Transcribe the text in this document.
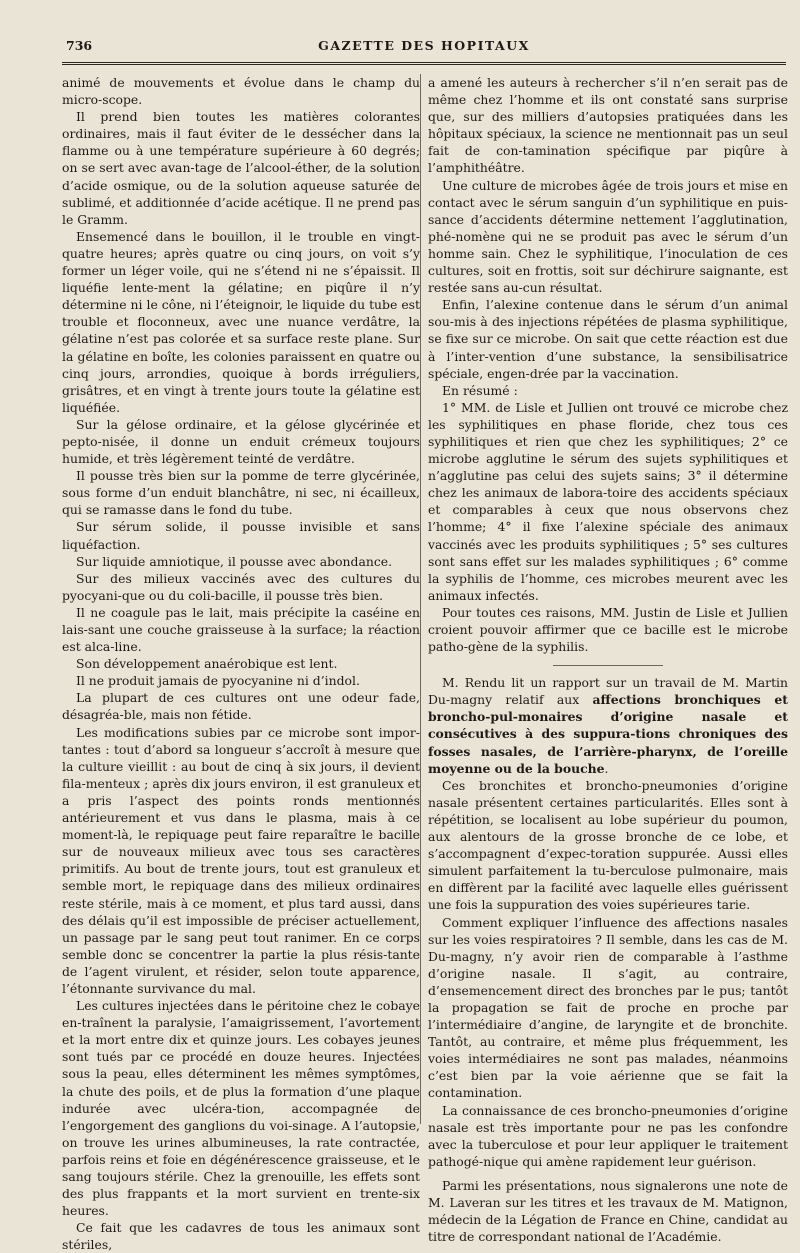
736	GAZETTE DES HOPITAUX

animé de mouvements et évolue dans le champ du micro-scope.

Il prend bien toutes les matières colorantes ordinaires, mais il faut éviter de le dessécher dans la flamme ou à une température supérieure à 60 degrés; on se sert avec avan-tage de l’alcool-éther, de la solution d’acide osmique, ou de la solution aqueuse saturée de sublimé, et additionnée d’acide acétique. Il ne prend pas le Gramm.

Ensemencé dans le bouillon, il le trouble en vingt-quatre heures; après quatre ou cinq jours, on voit s’y former un léger voile, qui ne s’étend ni ne s’épaissit. Il liquéfie lente-ment la gélatine; en piqûre il n’y détermine ni le cône, ni l’éteignoir, le liquide du tube est trouble et floconneux, avec une nuance verdâtre, la gélatine n’est pas colorée et sa surface reste plane. Sur la gélatine en boîte, les colonies paraissent en quatre ou cinq jours, arrondies, quoique à bords irréguliers, grisâtres, et en vingt à trente jours toute la gélatine est liquéfiée.

Sur la gélose ordinaire, et la gélose glycérinée et pepto-nisée, il donne un enduit crémeux toujours humide, et très légèrement teinté de verdâtre.

Il pousse très bien sur la pomme de terre glycérinée, sous forme d’un enduit blanchâtre, ni sec, ni écailleux, qui se ramasse dans le fond du tube.

Sur sérum solide, il pousse invisible et sans liquéfaction.

Sur liquide amniotique, il pousse avec abondance.

Sur des milieux vaccinés avec des cultures du pyocyani-que ou du coli-bacille, il pousse très bien.

Il ne coagule pas le lait, mais précipite la caséine en lais-sant une couche graisseuse à la surface; la réaction est alca-line.

Son développement anaérobique est lent.

Il ne produit jamais de pyocyanine ni d’indol.

La plupart de ces cultures ont une odeur fade, désagréa-ble, mais non fétide.

Les modifications subies par ce microbe sont impor-tantes : tout d’abord sa longueur s’accroît à mesure que la culture vieillit : au bout de cinq à six jours, il devient fila-menteux ; après dix jours environ, il est granuleux et a pris l’aspect des points ronds mentionnés antérieurement et vus dans le plasma, mais à ce moment-là, le repiquage peut faire reparaître le bacille sur de nouveaux milieux avec tous ses caractères primitifs. Au bout de trente jours, tout est granuleux et semble mort, le repiquage dans des milieux ordinaires reste stérile, mais à ce moment, et plus tard aussi, dans des délais qu’il est impossible de préciser actuellement, un passage par le sang peut tout ranimer. En ce corps semble donc se concentrer la partie la plus résis-tante de l’agent virulent, et résider, selon toute apparence, l’étonnante survivance du mal.

Les cultures injectées dans le péritoine chez le cobaye en-traînent la paralysie, l’amaigrissement, l’avortement et la mort entre dix et quinze jours. Les cobayes jeunes sont tués par ce procédé en douze heures. Injectées sous la peau, elles déterminent les mêmes symptômes, la chute des poils, et de plus la formation d’une plaque indurée avec ulcéra-tion, accompagnée de l’engorgement des ganglions du voi-sinage. A l’autopsie, on trouve les urines albumineuses, la rate contractée, parfois reins et foie en dégénérescence graisseuse, et le sang toujours stérile. Chez la grenouille, les effets sont des plus frappants et la mort survient en trente-six heures.

Ce fait que les cadavres de tous les animaux sont stériles,

a amené les auteurs à rechercher s’il n’en serait pas de même chez l’homme et ils ont constaté sans surprise que, sur des milliers d’autopsies pratiquées dans les hôpitaux spéciaux, la science ne mentionnait pas un seul fait de con-tamination spécifique par piqûre à l’amphithéâtre.

Une culture de microbes âgée de trois jours et mise en contact avec le sérum sanguin d’un syphilitique en puis-sance d’accidents détermine nettement l’agglutination, phé-nomène qui ne se produit pas avec le sérum d’un homme sain. Chez le syphilitique, l’inoculation de ces cultures, soit en frottis, soit sur déchirure saignante, est restée sans au-cun résultat.

Enfin, l’alexine contenue dans le sérum d’un animal sou-mis à des injections répétées de plasma syphilitique, se fixe sur ce microbe. On sait que cette réaction est due à l’inter-vention d’une substance, la sensibilisatrice spéciale, engen-drée par la vaccination.

En résumé :

1° MM. de Lisle et Jullien ont trouvé ce microbe chez les syphilitiques en phase floride, chez tous ces syphilitiques et rien que chez les syphilitiques; 2° ce microbe agglutine le sérum des sujets syphilitiques et n’agglutine pas celui des sujets sains; 3° il détermine chez les animaux de labora-toire des accidents spéciaux et comparables à ceux que nous observons chez l’homme; 4° il fixe l’alexine spéciale des animaux vaccinés avec les produits syphilitiques ; 5° ses cultures sont sans effet sur les malades syphilitiques ; 6° comme la syphilis de l’homme, ces microbes meurent avec les animaux infectés.

Pour toutes ces raisons, MM. Justin de Lisle et Jullien croient pouvoir affirmer que ce bacille est le microbe patho-gène de la syphilis.

M. Rendu lit un rapport sur un travail de M. Martin Du-magny relatif aux affections bronchiques et broncho-pul-monaires d’origine nasale et consécutives à des suppura-tions chroniques des fosses nasales, de l’arrière-pharynx, de l’oreille moyenne ou de la bouche.

Ces bronchites et broncho-pneumonies d’origine nasale présentent certaines particularités. Elles sont à répétition, se localisent au lobe supérieur du poumon, aux alentours de la grosse bronche de ce lobe, et s’accompagnent d’expec-toration suppurée. Aussi elles simulent parfaitement la tu-berculose pulmonaire, mais en diffèrent par la facilité avec laquelle elles guérissent une fois la suppuration des voies supérieures tarie.

Comment expliquer l’influence des affections nasales sur les voies respiratoires ? Il semble, dans les cas de M. Du-magny, n’y avoir rien de comparable à l’asthme d’origine nasale. Il s’agit, au contraire, d’ensemencement direct des bronches par le pus; tantôt la propagation se fait de proche en proche par l’intermédiaire d’angine, de laryngite et de bronchite. Tantôt, au contraire, et même plus fréquemment, les voies intermédiaires ne sont pas malades, néanmoins c’est bien par la voie aérienne que se fait la contamination.

La connaissance de ces broncho-pneumonies d’origine nasale est très importante pour ne pas les confondre avec la tuberculose et pour leur appliquer le traitement pathogé-nique qui amène rapidement leur guérison.

Parmi les présentations, nous signalerons une note de M. Laveran sur les titres et les travaux de M. Matignon, médecin de la Légation de France en Chine, candidat au titre de correspondant national de l’Académie.
